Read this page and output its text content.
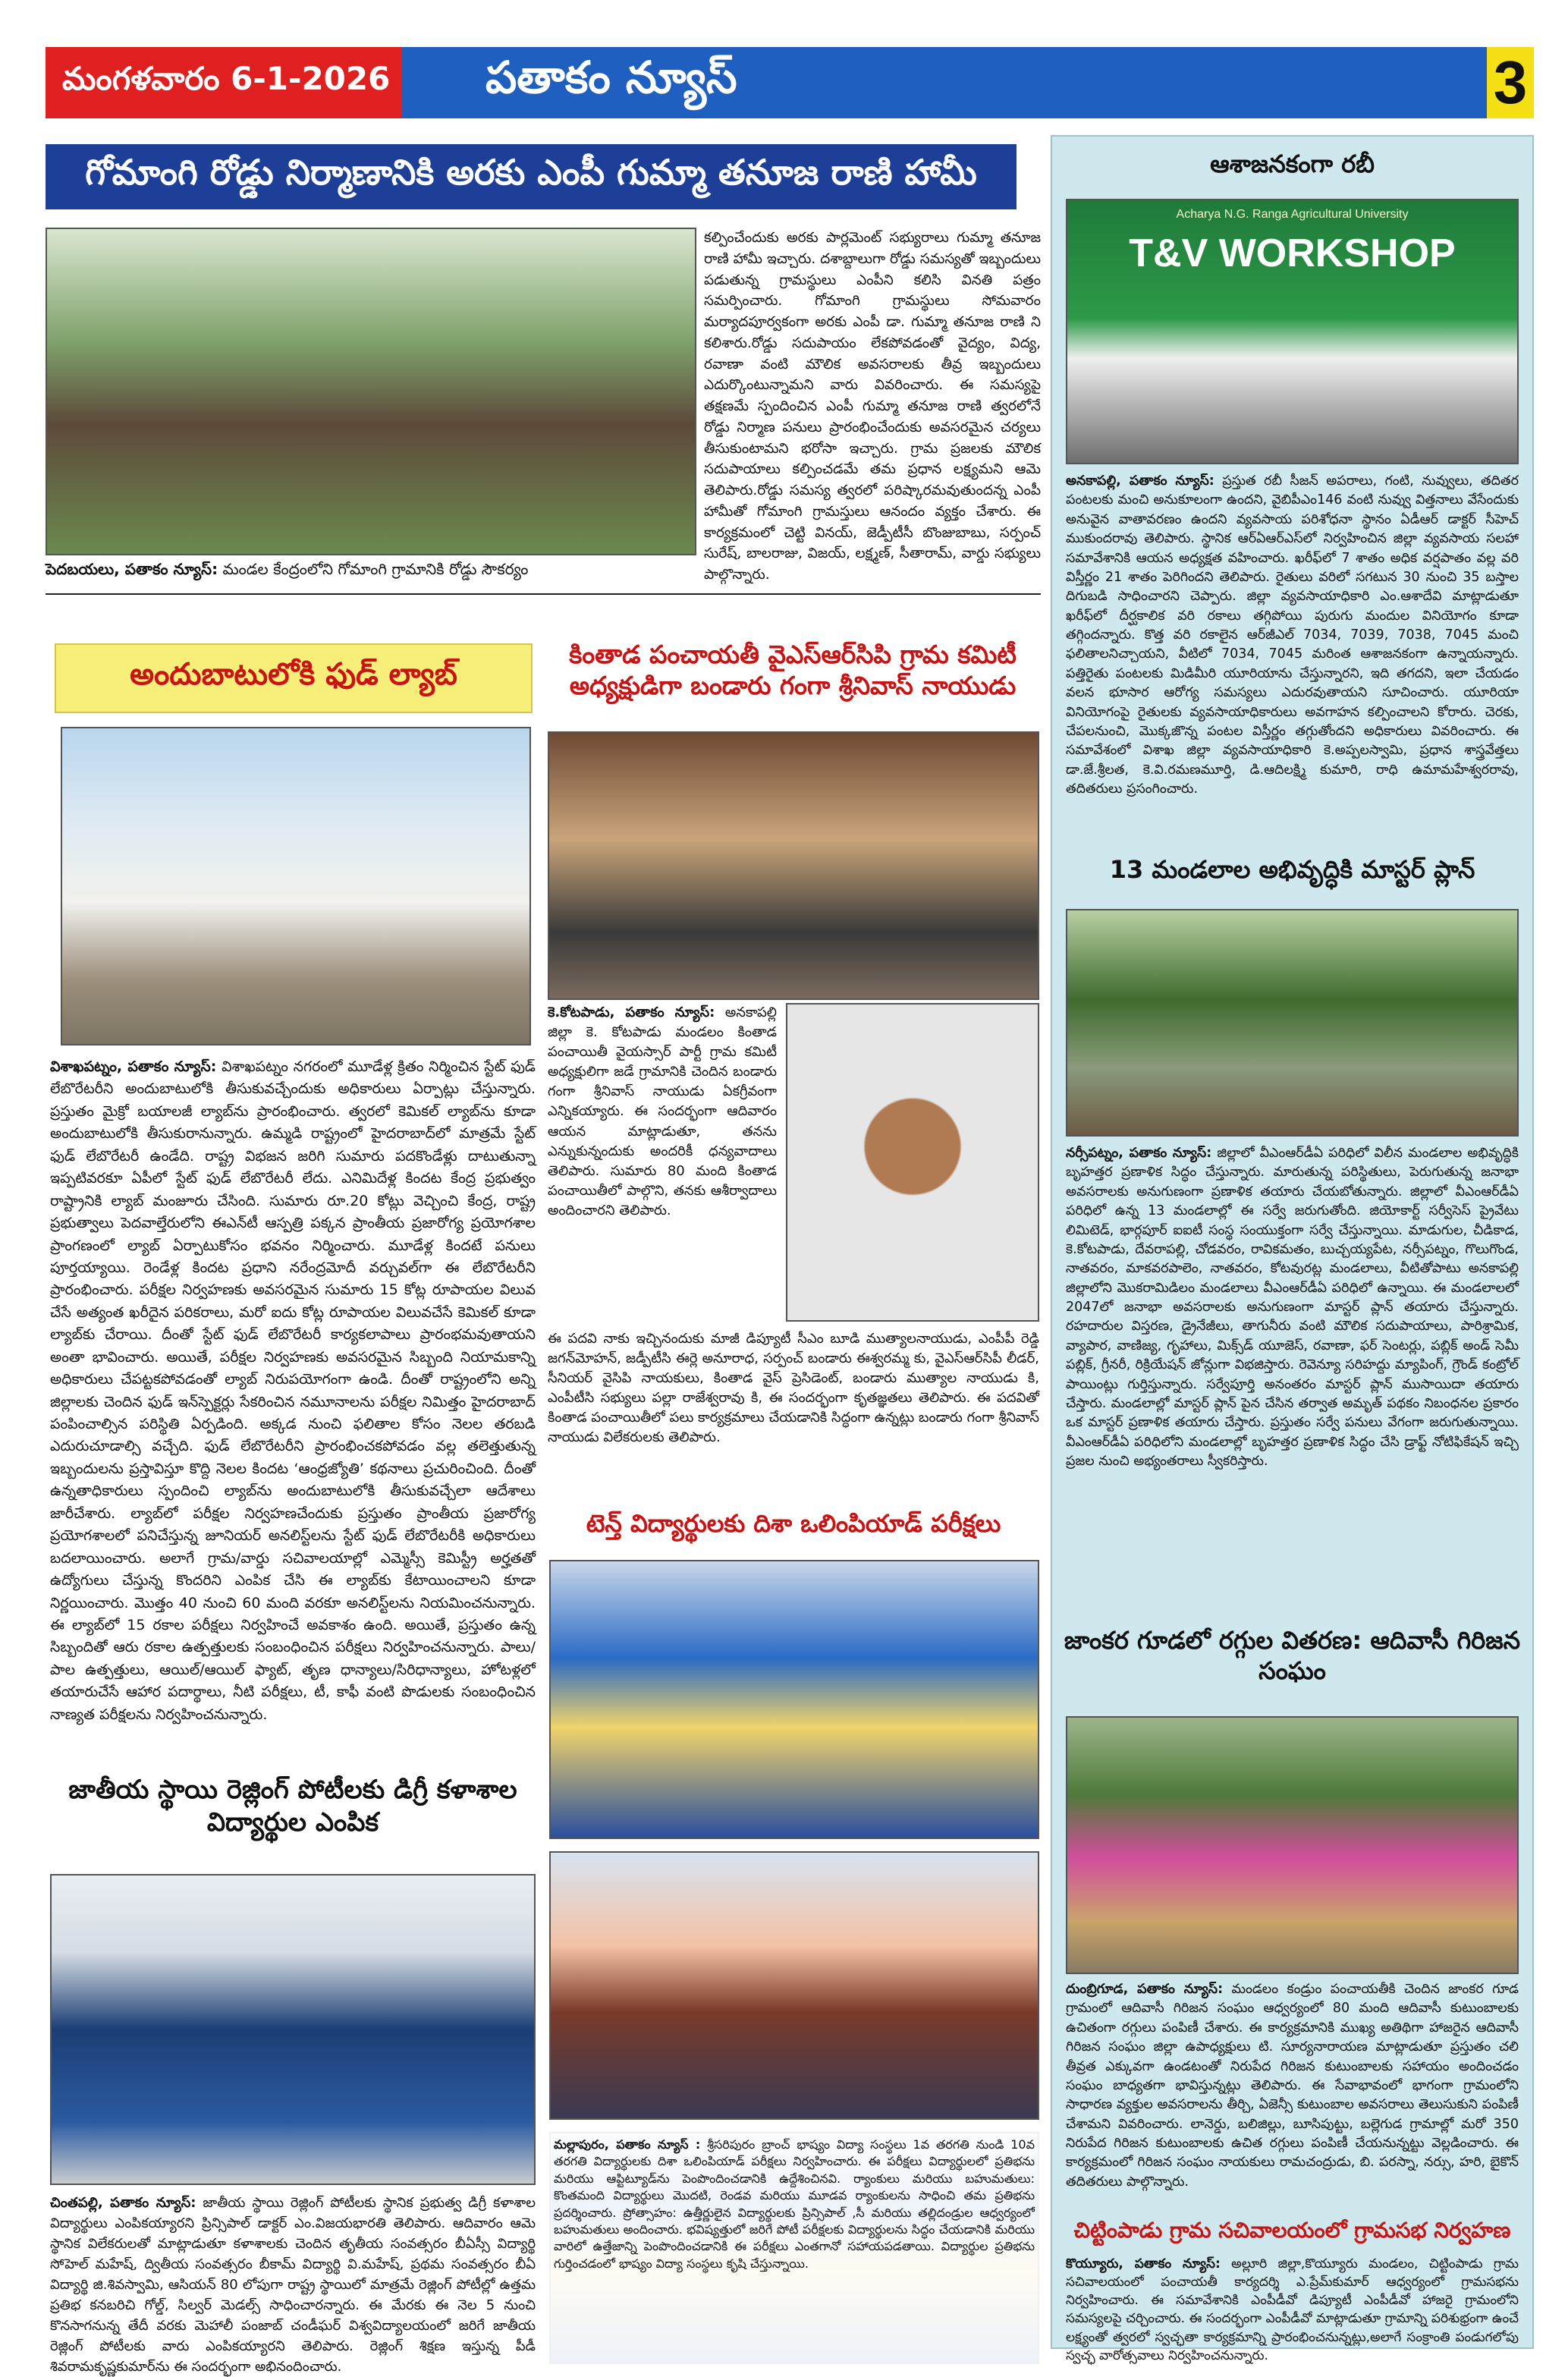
మంగళవారం 6-1-2026	పతాకం న్యూస్	3
గోమాంగి రోడ్డు నిర్మాణానికి అరకు ఎంపీ గుమ్మా తనూజ రాణి హామీ
పెదబయలు, పతాకం న్యూస్: మండల కేంద్రంలోని గోమాంగి గ్రామానికి రోడ్డు సౌకర్యం
కల్పించేందుకు అరకు పార్లమెంట్ సభ్యురాలు గుమ్మా తనూజ రాణి హామీ ఇచ్చారు. దశాబ్దాలుగా రోడ్డు సమస్యతో ఇబ్బందులు పడుతున్న గ్రామస్థులు ఎంపీని కలిసి వినతి పత్రం సమర్పించారు. గోమాంగి గ్రామస్థులు సోమవారం మర్యాదపూర్వకంగా అరకు ఎంపీ డా. గుమ్మా తనూజ రాణి ని కలిశారు.రోడ్డు సదుపాయం లేకపోవడంతో వైద్యం, విద్య, రవాణా వంటి మౌలిక అవసరాలకు తీవ్ర ఇబ్బందులు ఎదుర్కొంటున్నామని వారు వివరించారు. ఈ సమస్యపై తక్షణమే స్పందించిన ఎంపీ గుమ్మా తనూజ రాణి త్వరలోనే రోడ్డు నిర్మాణ పనులు ప్రారంభించేందుకు అవసరమైన చర్యలు తీసుకుంటామని భరోసా ఇచ్చారు. గ్రామ ప్రజలకు మౌలిక సదుపాయాలు కల్పించడమే తమ ప్రధాన లక్ష్యమని ఆమె తెలిపారు.రోడ్డు సమస్య త్వరలో పరిష్కారమవుతుందన్న ఎంపీ హామీతో గోమాంగి గ్రామస్తులు ఆనందం వ్యక్తం చేశారు. ఈ కార్యక్రమంలో చెట్టి వినయ్, జెడ్పీటీసీ బొంజుబాబు, సర్పంచ్ సురేష్, బాలరాజు, విజయ్, లక్ష్మణ్, సీతారామ్, వార్డు సభ్యులు పాల్గొన్నారు.
అందుబాటులోకి ఫుడ్ ల్యాబ్
విశాఖపట్నం, పతాకం న్యూస్: విశాఖపట్నం నగరంలో మూడేళ్ల క్రితం నిర్మించిన స్టేట్ ఫుడ్ లేబొరేటరీని అందుబాటులోకి తీసుకువచ్చేందుకు అధికారులు ఏర్పాట్లు చేస్తున్నారు. ప్రస్తుతం మైక్రో బయాలజీ ల్యాబ్‌ను ప్రారంభించారు. త్వరలో కెమికల్ ల్యాబ్‌ను కూడా అందుబాటులోకి తీసుకురానున్నారు. ఉమ్మడి రాష్ట్రంలో హైదరాబాద్‌లో మాత్రమే స్టేట్ ఫుడ్ లేబొరేటరీ ఉండేది. రాష్ట్ర విభజన జరిగి సుమారు పదకొండేళ్లు దాటుతున్నా ఇప్పటివరకూ ఏపీలో స్టేట్ ఫుడ్ లేబొరేటరీ లేదు. ఎనిమిదేళ్ల కిందట కేంద్ర ప్రభుత్వం రాష్ట్రానికి ల్యాబ్ మంజూరు చేసింది. సుమారు రూ.20 కోట్లు వెచ్చించి కేంద్ర, రాష్ట్ర ప్రభుత్వాలు పెదవాల్తేరులోని ఈఎన్‌టీ ఆస్పత్రి పక్కన ప్రాంతీయ ప్రజారోగ్య ప్రయోగశాల ప్రాంగణంలో ల్యాబ్ ఏర్పాటుకోసం భవనం నిర్మించారు. మూడేళ్ల కిందటే పనులు పూర్తయ్యాయి. రెండేళ్ల కిందట ప్రధాని నరేంద్రమోదీ వర్చువల్‌గా ఈ లేబొరేటరీని ప్రారంభించారు. పరీక్షల నిర్వహణకు అవసరమైన సుమారు 15 కోట్ల రూపాయల విలువ చేసే అత్యంత ఖరీదైన పరికరాలు, మరో ఐదు కోట్ల రూపాయల విలువచేసే కెమికల్ కూడా ల్యాబ్‌కు చేరాయి. దీంతో స్టేట్ ఫుడ్ లేబొరేటరీ కార్యకలాపాలు ప్రారంభమవుతాయని అంతా భావించారు. అయితే, పరీక్షల నిర్వహణకు అవసరమైన సిబ్బంది నియామకాన్ని అధికారులు చేపట్టకపోవడంతో ల్యాబ్ నిరుపయోగంగా ఉండి. దీంతో రాష్ట్రంలోని అన్ని జిల్లాలకు చెందిన ఫుడ్ ఇన్‌స్పెక్టర్లు సేకరించిన నమూనాలను పరీక్షల నిమిత్తం హైదరాబాద్ పంపించాల్సిన పరిస్థితి ఏర్పడింది. అక్కడ నుంచి ఫలితాల కోసం నెలల తరబడి ఎదురుచూడాల్సి వచ్చేది. ఫుడ్ లేబొరేటరీని ప్రారంభించకపోవడం వల్ల తలెత్తుతున్న ఇబ్బందులను ప్రస్తావిస్తూ కొద్ది నెలల కిందట ‘ఆంధ్రజ్యోతి’ కథనాలు ప్రచురించింది. దీంతో ఉన్నతాధికారులు స్పందించి ల్యాబ్‌ను అందుబాటులోకి తీసుకువచ్చేలా ఆదేశాలు జారీచేశారు. ల్యాబ్‌లో పరీక్షల నిర్వహణచేందుకు ప్రస్తుతం ప్రాంతీయ ప్రజారోగ్య ప్రయోగశాలలో పనిచేస్తున్న జూనియర్ అనలిస్ట్‌లను స్టేట్ ఫుడ్ లేబొరేటరీకి అధికారులు బదలాయించారు. అలాగే గ్రామ/వార్డు సచివాలయాల్లో ఎమ్మెస్సీ కెమిస్ట్రీ అర్హతతో ఉద్యోగులు చేస్తున్న కొందరిని ఎంపిక చేసి ఈ ల్యాబ్‌కు కేటాయించాలని కూడా నిర్ణయించారు. మొత్తం 40 నుంచి 60 మంది వరకూ అనలిస్ట్‌లను నియమించనున్నారు. ఈ ల్యాబ్‌లో 15 రకాల పరీక్షలు నిర్వహించే అవకాశం ఉంది. అయితే, ప్రస్తుతం ఉన్న సిబ్బందితో ఆరు రకాల ఉత్పత్తులకు సంబంధించిన పరీక్షలు నిర్వహించనున్నారు. పాలు/పాల ఉత్పత్తులు, ఆయిల్/ఆయిల్ ఫ్యాట్, తృణ ధాన్యాలు/సిరిధాన్యాలు, హోటళ్లలో తయారుచేసే ఆహార పదార్థాలు, నీటి పరీక్షలు, టీ, కాఫీ వంటి పొడులకు సంబంధించిన నాణ్యత పరీక్షలను నిర్వహించనున్నారు.
జాతీయ స్థాయి రెజ్లింగ్ పోటీలకు డిగ్రీ కళాశాల విద్యార్థుల ఎంపిక
చింతపల్లి, పతాకం న్యూస్: జాతీయ స్థాయి రెజ్లింగ్ పోటీలకు స్థానిక ప్రభుత్వ డిగ్రీ కళాశాల విద్యార్థులు ఎంపికయ్యారని ప్రిన్సిపాల్ డాక్టర్ ఎం.విజయభారతి తెలిపారు. ఆదివారం ఆమె స్థానిక విలేకరులతో మాట్లాడుతూ కళాశాలకు చెందిన తృతీయ సంవత్సరం బీఏస్సీ విద్యార్థి సోహెల్ మహేష్, ద్వితీయ సంవత్సరం బీకామ్ విద్యార్థి వి.మహేష్, ప్రథమ సంవత్సరం బీఏ విద్యార్థి జి.శివస్వామి, ఆసియన్ 80 లోపుగా రాష్ట్ర స్థాయిలో మాత్రమే రెజ్లింగ్ పోటీల్లో ఉత్తమ ప్రతిభ కనబరిచి గోల్డ్, సిల్వర్ మెడల్స్ సాధించారన్నారు. ఈ మేరకు ఈ నెల 5 నుంచి కొనసాగనున్న తేదీ వరకు మెహాలీ పంజాబ్ చండీఘర్ విశ్వవిద్యాలయంలో జరిగే జాతీయ రెజ్లింగ్ పోటీలకు వారు ఎంపికయ్యారని తెలిపారు. రెజ్లింగ్ శిక్షణ ఇస్తున్న పీడీ శివరామకృష్ణకుమార్‌ను ఈ సందర్భంగా అభినందించారు.
కింతాడ పంచాయతీ వైఎస్ఆర్‌సిపి గ్రామ కమిటీ అధ్యక్షుడిగా బండారు గంగా శ్రీనివాస్ నాయుడు
కె.కోటపాడు, పతాకం న్యూస్: అనకాపల్లి జిల్లా కె. కోటపాడు మండలం కింతాడ పంచాయితీ వైయస్సార్ పార్టీ గ్రామ కమిటీ అధ్యక్షులిగా జడే గ్రామానికి చెందిన బండారు గంగా శ్రీనివాస్ నాయుడు ఏకగ్రీవంగా ఎన్నికయ్యారు. ఈ సందర్భంగా ఆదివారం ఆయన మాట్లాడుతూ, తనను ఎన్నుకున్నందుకు అందరికీ ధన్యవాదాలు తెలిపారు. సుమారు 80 మంది కింతాడ పంచాయితీలో పాల్గొని, తనకు ఆశీర్వాదాలు అందించారని తెలిపారు.
ఈ పదవి నాకు ఇచ్చినందుకు మాజీ డిప్యూటీ సీఎం బూడి ముత్యాలనాయుడు, ఎంపీపీ రెడ్డి జగన్‌మోహన్, జడ్పీటీసి ఈర్లె అనూరాధ, సర్పంచ్ బండారు ఈశ్వరమ్మ కు, వైఎస్ఆర్‌సిపీ లీడర్, సీనియర్ వైసిపి నాయకులు, కింతాడ వైస్ ప్రెసిడెంట్, బండారు ముత్యాల నాయుడు కి, ఎంపీటీసి సభ్యులు పల్లా రాజేశ్వరావు కి, ఈ సందర్భంగా కృతజ్ఞతలు తెలిపారు. ఈ పదవితో కింతాడ పంచాయితీలో పలు కార్యక్రమాలు చేయడానికి సిద్ధంగా ఉన్నట్లు బండారు గంగా శ్రీనివాస్ నాయుడు విలేకరులకు తెలిపారు.
టెన్త్ విద్యార్థులకు దిశా ఒలింపియాడ్ పరీక్షలు
ఆశాజనకంగా రబీ
Acharya N.G. Ranga Agricultural University
T&V WORKSHOP
అనకాపల్లి, పతాకం న్యూస్: ప్రస్తుత రబీ సీజన్ అపరాలు, గంటి, నువ్వులు, తదితర పంటలకు మంచి అనుకూలంగా ఉందని, వైబిపీఎం146 వంటి నువ్వు విత్తనాలు వేసేందుకు అనువైన వాతావరణం ఉందని వ్యవసాయ పరిశోధనా స్థానం ఏడీఆర్ డాక్టర్ సీహెచ్ ముకుందరావు తెలిపారు. స్థానిక ఆర్ఏఆర్ఎస్‌లో నిర్వహించిన జిల్లా వ్యవసాయ సలహా సమావేశానికి ఆయన అధ్యక్షత వహించారు. ఖరీఫ్‌లో 7 శాతం అధిక వర్షపాతం వల్ల వరి విస్తీర్ణం 21 శాతం పెరిగిందని తెలిపారు. రైతులు వరిలో సగటున 30 నుంచి 35 బస్తాల దిగుబడి సాధించారని చెప్పారు. జిల్లా వ్యవసాయాధికారి ఎం.ఆశాదేవి మాట్లాడుతూ ఖరీఫ్‌లో దీర్ఘకాలిక వరి రకాలు తగ్గిపోయి పురుగు మందుల వినియోగం కూడా తగ్గిందన్నారు. కొత్త వరి రకాలైన ఆర్‌జీఎల్ 7034, 7039, 7038, 7045 మంచి ఫలితాలనిచ్చాయని, వీటిలో 7034, 7045 మరింత ఆశాజనకంగా ఉన్నాయన్నారు. పత్తిరైతు పంటలకు మిడిమీరి యూరియాను చేస్తున్నారని, ఇది తగదని, ఇలా చేయడం వలన భూసార ఆరోగ్య సమస్యలు ఎదురవుతాయని సూచించారు. యూరియా వినియోగంపై రైతులకు వ్యవసాయాధికారులు అవగాహన కల్పించాలని కోరారు. చెరకు, చేపలనుంచి, మొక్కజొన్న పంటల విస్తీర్ణం తగ్గుతోందని అధికారులు వివరించారు. ఈ సమావేశంలో విశాఖ జిల్లా వ్యవసాయాధికారి కె.అప్పలస్వామి, ప్రధాన శాస్త్రవేత్తలు డా.జే.శ్రీలత, కె.వి.రమణమూర్తి, డి.ఆదిలక్ష్మి కుమారి, రాధి ఉమామహేశ్వరరావు, తదితరులు ప్రసంగించారు.
13 మండలాల అభివృద్ధికి మాస్టర్ ప్లాన్
నర్సీపట్నం, పతాకం న్యూస్: జిల్లాలో వీఎంఆర్‌డీఏ పరిధిలో విలీన మండలాల అభివృద్ధికి బృహత్తర ప్రణాళిక సిద్ధం చేస్తున్నారు. మారుతున్న పరిస్థితులు, పెరుగుతున్న జనాభా అవసరాలకు అనుగుణంగా ప్రణాళిక తయారు చేయబోతున్నారు. జిల్లాలో వీఎంఆర్‌డీఏ పరిధిలో ఉన్న 13 మండలాల్లో ఈ సర్వే జరుగుతోంది. జియోకార్ట్ సర్వీసెస్ ప్రైవేటు లిమిటెడ్, భార్గపూర్ ఐఐటీ సంస్థ సంయుక్తంగా సర్వే చేస్తున్నాయి. మాడుగుల, చీడికాడ, కె.కోటపాడు, దేవరాపల్లి, చోడవరం, రావికమతం, బుచ్చయ్యపేట, నర్సీపట్నం, గొలుగొండ, నాతవరం, మాకవరపాలెం, నాతవరం, కోటవురట్ల మండలాలు, వీటితోపాటు అనకాపల్లి జిల్లాలోని మొకరామిడిలం మండలాలు వీఎంఆర్‌డీఏ పరిధిలో ఉన్నాయి. ఈ మండలాలలో 2047లో జనాభా అవసరాలకు అనుగుణంగా మాస్టర్ ప్లాన్ తయారు చేస్తున్నారు. రహదారుల విస్తరణ, డ్రైనేజీలు, తాగునీరు వంటి మౌలిక సదుపాయాలు, పారిశ్రామిక, వ్యాపార, వాణిజ్య, గృహాలు, మిక్స్‌డ్ యూజెస్, రవాణా, ఫర్ సెంటర్లు, పబ్లిక్ అండ్ సెమీ పబ్లిక్, గ్రీనరీ, రిక్రియేషన్ జోన్లుగా విభజిస్తారు. రెవెన్యూ సరిహద్దు మ్యాపింగ్, గ్రౌండ్ కంట్రోల్ పాయింట్లు గుర్తిస్తున్నారు. సర్వేపూర్తి అనంతరం మాస్టర్ ప్లాన్ ముసాయిదా తయారు చేస్తారు. మండలాల్లో మాస్టర్ ప్లాన్ పైన చేసిన తర్వాత అమృత్ పథకం నిబంధనల ప్రకారం ఒక మాస్టర్ ప్రణాళిక తయారు చేస్తారు. ప్రస్తుతం సర్వే పనులు వేగంగా జరుగుతున్నాయి. వీఎంఆర్‌డీఏ పరిధిలోని మండలాల్లో బృహత్తర ప్రణాళిక సిద్ధం చేసి డ్రాఫ్ట్ నోటిఫికేషన్ ఇచ్చి ప్రజల నుంచి అభ్యంతరాలు స్వీకరిస్తారు.
జాంకర గూడలో రగ్గుల వితరణ: ఆదివాసీ గిరిజన సంఘం
దుంబ్రిగూడ, పతాకం న్యూస్: మండలం కండ్రుం పంచాయతీకి చెందిన జాంకర గూడ గ్రామంలో ఆదివాసీ గిరిజన సంఘం ఆధ్వర్యంలో 80 మంది ఆదివాసీ కుటుంబాలకు ఉచితంగా రగ్గులు పంపిణీ చేశారు. ఈ కార్యక్రమానికి ముఖ్య అతిథిగా హాజరైన ఆదివాసీ గిరిజన సంఘం జిల్లా ఉపాధ్యక్షులు టి. సూర్యనారాయణ మాట్లాడుతూ ప్రస్తుతం చలి తీవ్రత ఎక్కువగా ఉండటంతో నిరుపేద గిరిజన కుటుంబాలకు సహాయం అందించడం సంఘం బాధ్యతగా భావిస్తున్నట్లు తెలిపారు. ఈ సేవాభావంలో భాగంగా గ్రామంలోని సాధారణ వ్యక్తుల అవసరాలను తీర్చి, ఏజెన్సీ కుటుంబాల అవసరాలు తెలుసుకుని పంపిణీ చేశామని వివరించారు. లానెర్డు, బలిజిల్లు, బూసిపుట్టు, బల్లెగుడ గ్రామాల్లో మరో 350 నిరుపేద గిరిజన కుటుంబాలకు ఉచిత రగ్గులు పంపిణీ చేయనున్నట్టు వెల్లడించారు. ఈ కార్యక్రమంలో గిరిజన సంఘం నాయకులు రామచంద్రుడు, బి. పరస్నా, నర్సు, హరి, బైకొన్ తదితరులు పాల్గొన్నారు.
చిట్టింపాడు గ్రామ సచివాలయంలో గ్రామసభ నిర్వహణ
కొయ్యూరు, పతాకం న్యూస్: అల్లూరి జిల్లా,కొయ్యూరు మండలం, చిట్టింపాడు గ్రామ సచివాలయంలో పంచాయతీ కార్యదర్శి ఎ.ప్రేమ్‌కుమార్ ఆధ్వర్యంలో గ్రామసభను నిర్వహించారు. ఈ సమావేశానికి ఎంపీడీవో డిప్యూటీ ఎంపీడీవో హాజరై గ్రామంలోని సమస్యలపై చర్చించారు. ఈ సందర్భంగా ఎంపీడీవో మాట్లాడుతూ గ్రామాన్ని పరిశుభ్రంగా ఉంచే లక్ష్యంతో త్వరలో స్వచ్ఛతా కార్యక్రమాన్ని ప్రారంభించనున్నట్లు,అలాగే సంక్రాంతి పండుగలోపు స్వచ్ఛ వారోత్సవాలు నిర్వహించనున్నారు.
మల్లాపురం, పతాకం న్యూస్ : శ్రీసరిపురం బ్రాంచ్ భాష్యం విద్యా సంస్థలు 1వ తరగతి నుండి 10వ తరగతి విద్యార్థులకు దిశా ఒలింపియాడ్ పరీక్షలు నిర్వహించారు. ఈ పరీక్షలు విద్యార్థులలో ప్రతిభను మరియు ఆప్టిట్యూడ్‌ను పెంపొందించడానికి ఉద్దేశించినవి. ర్యాంకులు మరియు బహుమతులు: కొంతమంది విద్యార్థులు మొదటి, రెండవ మరియు మూడవ ర్యాంకులను సాధించి తమ ప్రతిభను ప్రదర్శించారు. ప్రోత్సాహం: ఉత్తీర్ణులైన విద్యార్థులకు ప్రిన్సిపాల్ ,సీ మరియు తల్లిదండ్రుల ఆధ్వర్యంలో బహుమతులు అందించారు. భవిష్యత్తులో జరిగే పోటీ పరీక్షలకు విద్యార్థులను సిద్ధం చేయడానికి మరియు వారిలో ఉత్తేజాన్ని పెంపొందించడానికి ఈ పరీక్షలు ఎంతగానో సహాయపడతాయి. విద్యార్థుల ప్రతిభను గుర్తించడంలో భాష్యం విద్యా సంస్థలు కృషి చేస్తున్నాయి.
